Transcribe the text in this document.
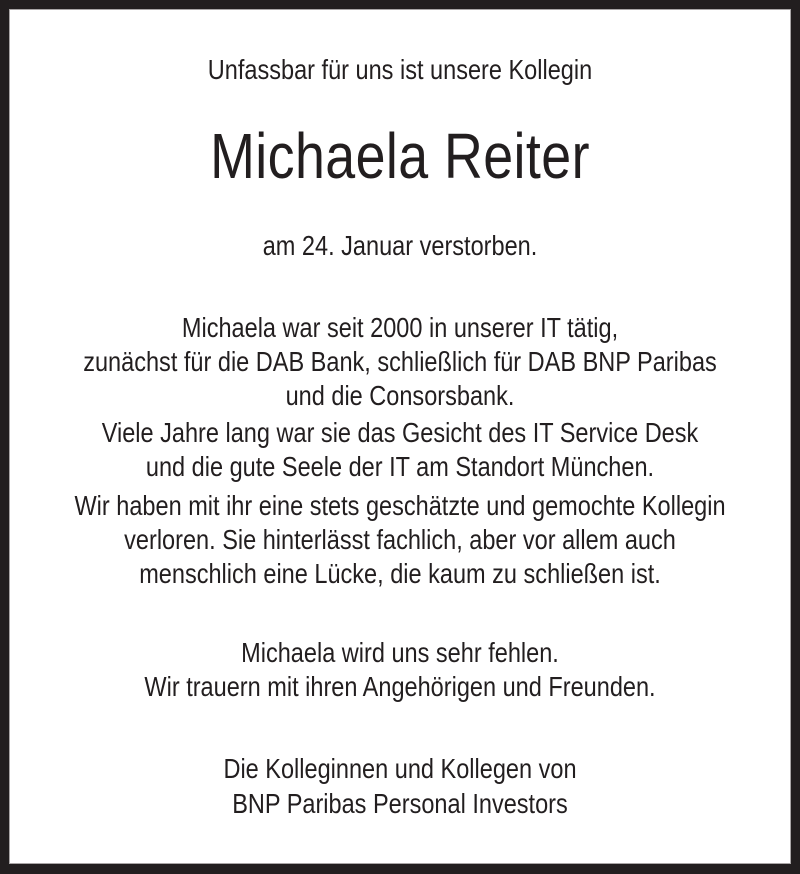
Unfassbar für uns ist unsere Kollegin
Michaela Reiter
am 24. Januar verstorben.
Michaela war seit 2000 in unserer IT tätig,
zunächst für die DAB Bank, schließlich für DAB BNP Paribas
und die Consorsbank.
Viele Jahre lang war sie das Gesicht des IT Service Desk
und die gute Seele der IT am Standort München.
Wir haben mit ihr eine stets geschätzte und gemochte Kollegin
verloren. Sie hinterlässt fachlich, aber vor allem auch
menschlich eine Lücke, die kaum zu schließen ist.
Michaela wird uns sehr fehlen.
Wir trauern mit ihren Angehörigen und Freunden.
Die Kolleginnen und Kollegen von
BNP Paribas Personal Investors
